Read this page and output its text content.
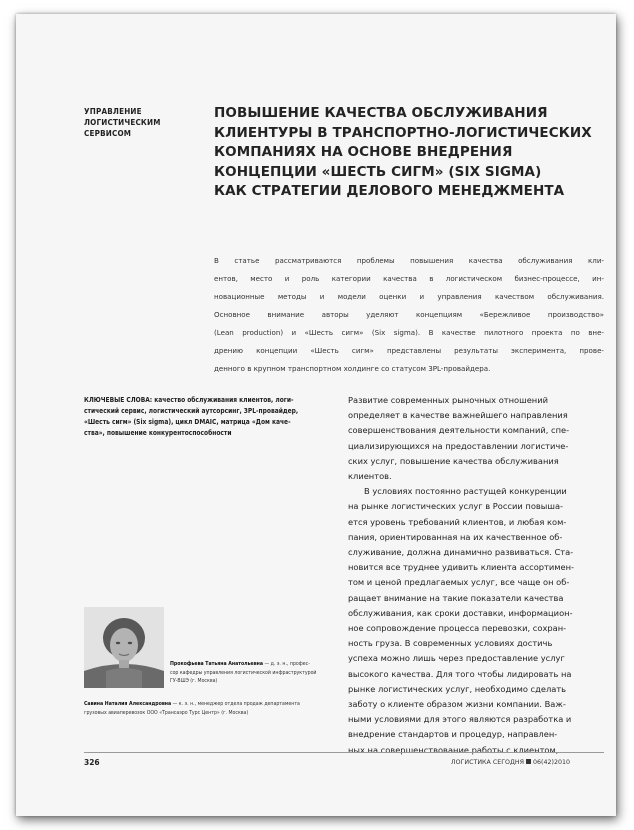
УПРАВЛЕНИЕ
ЛОГИСТИЧЕСКИМ
СЕРВИСОМ
ПОВЫШЕНИЕ КАЧЕСТВА ОБСЛУЖИВАНИЯ
КЛИЕНТУРЫ В ТРАНСПОРТНО-ЛОГИСТИЧЕСКИХ
КОМПАНИЯХ НА ОСНОВЕ ВНЕДРЕНИЯ
КОНЦЕПЦИИ «ШЕСТЬ СИГМ» (SIX SIGMA)
КАК СТРАТЕГИИ ДЕЛОВОГО МЕНЕДЖМЕНТА
В статье рассматриваются проблемы повышения качества обслуживания кли-
ентов, место и роль категории качества в логистическом бизнес-процессе, ин-
новационные методы и модели оценки и управления качеством обслуживания.
Основное внимание авторы уделяют концепциям «Бережливое производство»
(Lean production) и «Шесть сигм» (Six sigma). В качестве пилотного проекта по вне-
дрению концепции «Шесть сигм» представлены результаты эксперимента, прове-
денного в крупном транспортном холдинге со статусом 3PL-провайдера.
КЛЮЧЕВЫЕ СЛОВА: качество обслуживания клиентов, логи-
стический сервис, логистический аутсорсинг, 3PL-провайдер,
«Шесть сигм» (Six sigma), цикл DMAIC, матрица «Дом каче-
ства», повышение конкурентоспособности
Развитие современных рыночных отношений
определяет в качестве важнейшего направления
совершенствования деятельности компаний, спе-
циализирующихся на предоставлении логистиче-
ских услуг, повышение качества обслуживания
клиентов.
В условиях постоянно растущей конкуренции
на рынке логистических услуг в России повыша-
ется уровень требований клиентов, и любая ком-
пания, ориентированная на их качественное об-
служивание, должна динамично развиваться. Ста-
новится все труднее удивить клиента ассортимен-
том и ценой предлагаемых услуг, все чаще он об-
ращает внимание на такие показатели качества
обслуживания, как сроки доставки, информацион-
ное сопровождение процесса перевозки, сохран-
ность груза. В современных условиях достичь
успеха можно лишь через предоставление услуг
высокого качества. Для того чтобы лидировать на
рынке логистических услуг, необходимо сделать
заботу о клиенте образом жизни компании. Важ-
ными условиями для этого являются разработка и
внедрение стандартов и процедур, направлен-
ных на совершенствование работы с клиентом,
Прокофьева Татьяна Анатольевна — д. э. н., профес-
сор кафедры управления логистической инфраструктурой
ГУ-ВШЭ (г. Москва)
Савина Наталия Александровна — к. э. н., менеджер отдела продаж департамента
грузовых авиаперевозок ООО «Трансаэро Турс Центр» (г. Москва)
326	ЛОГИСТИКА СЕГОДНЯ 06(42)2010
